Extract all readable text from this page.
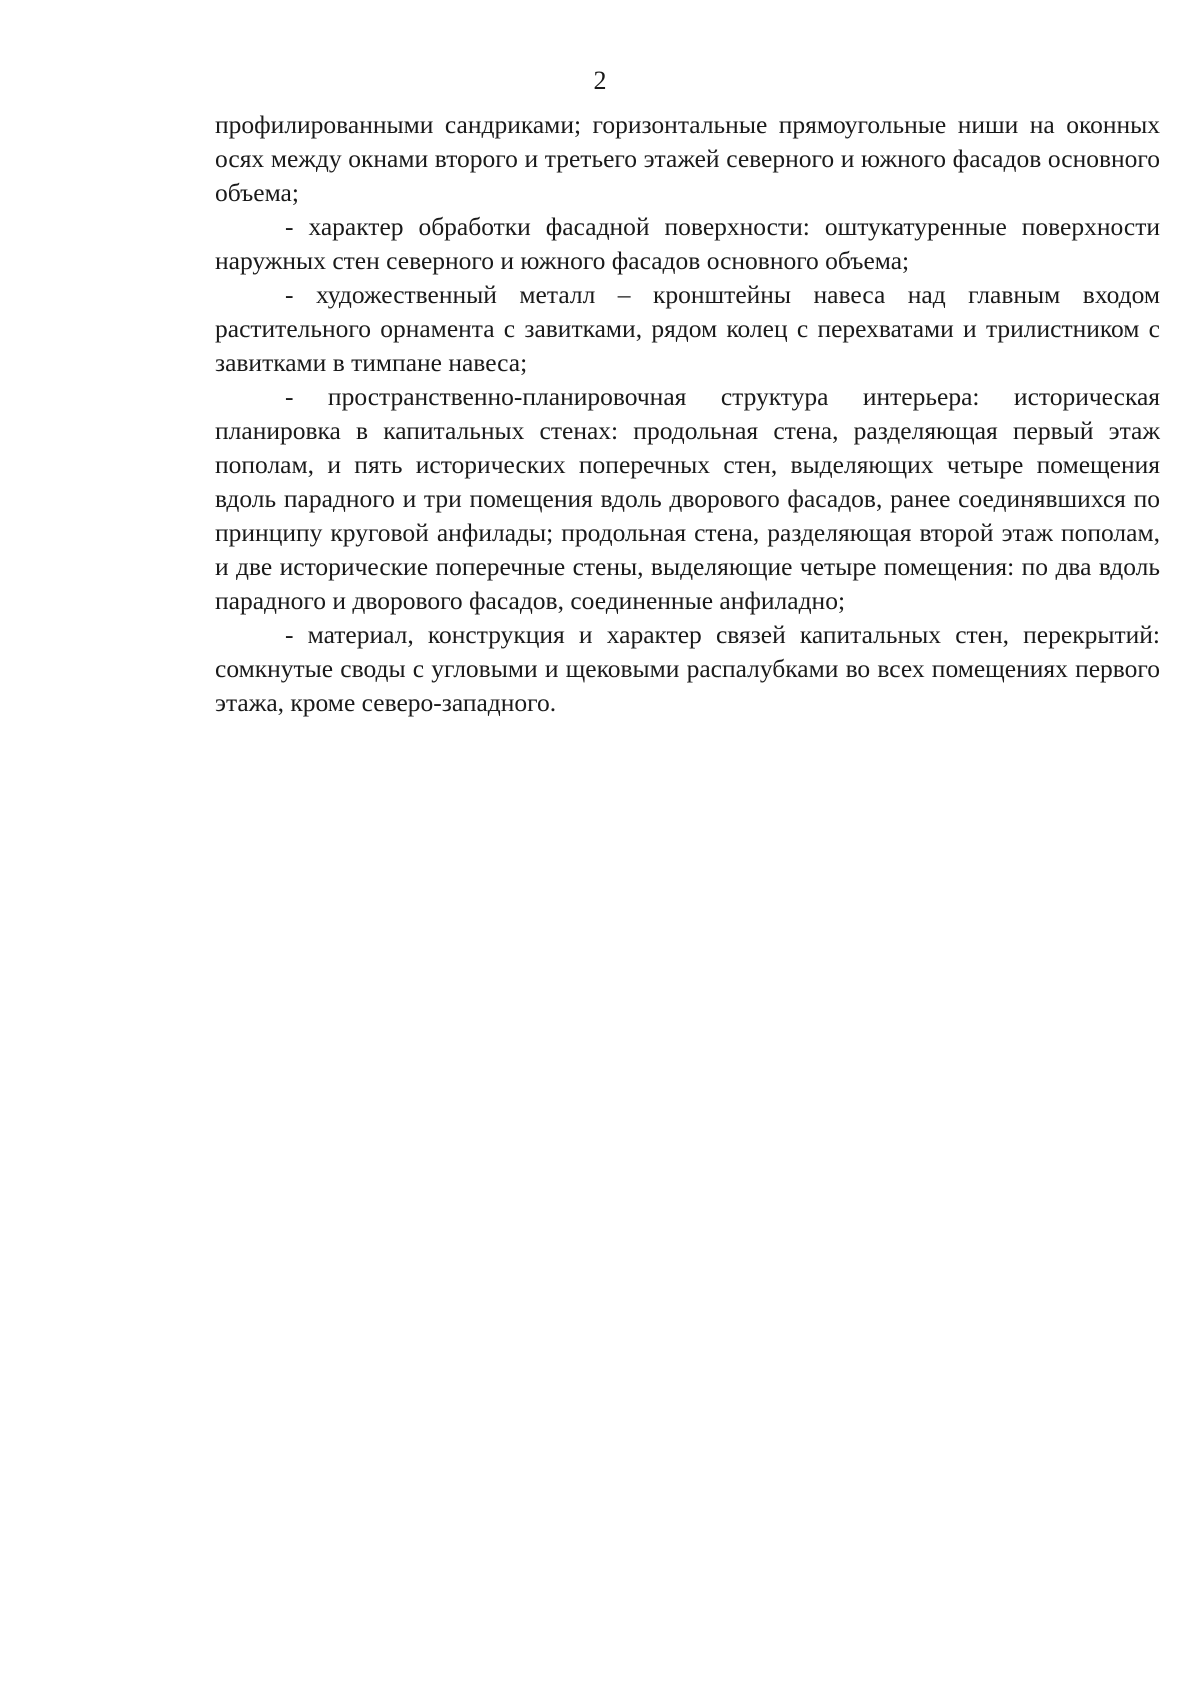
2

профилированными сандриками; горизонтальные прямоугольные ниши на оконных осях между окнами второго и третьего этажей северного и южного фасадов основного объема;

- характер обработки фасадной поверхности: оштукатуренные поверхности наружных стен северного и южного фасадов основного объема;

- художественный металл – кронштейны навеса над главным входом растительного орнамента с завитками, рядом колец с перехватами и трилистником с завитками в тимпане навеса;

- пространственно-планировочная структура интерьера: историческая планировка в капитальных стенах: продольная стена, разделяющая первый этаж пополам, и пять исторических поперечных стен, выделяющих четыре помещения вдоль парадного и три помещения вдоль дворового фасадов, ранее соединявшихся по принципу круговой анфилады; продольная стена, разделяющая второй этаж пополам, и две исторические поперечные стены, выделяющие четыре помещения: по два вдоль парадного и дворового фасадов, соединенные анфиладно;

- материал, конструкция и характер связей капитальных стен, перекрытий: сомкнутые своды с угловыми и щековыми распалубками во всех помещениях первого этажа, кроме северо-западного.
